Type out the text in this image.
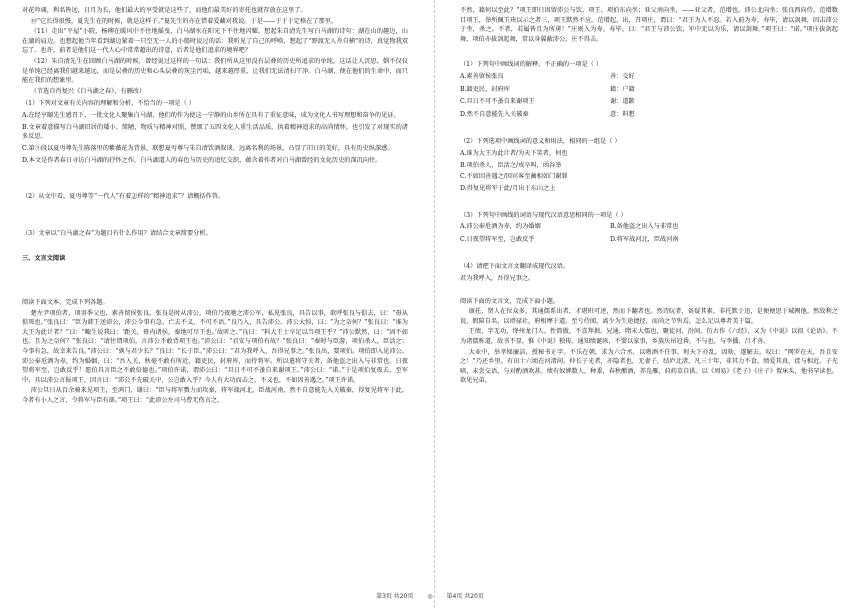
对花吟诵，利名皆远，日月为长，他们最大的享受就是这些了，而他们最美好的寄托也就存放在这里了。

⑩“它长得很慢，夏先生在的时候，就是这样子。”夏先生的亦在惜着爱藏对我说。于是——于于于定格在了那里。

（11）走出“平屋”小院，杨柳在暖风中不住地摇曳，白马湖水在阳光下不住地闪耀。想起朱自清先生写白马湖的诗句：湖在山的趣边，山在湖的肩边。也想起他当年看到湖边紧着一只空无一人的小船时说过的话：我听见了自己的呼唤，想起了“野渡无人舟自横”的诗，真觉物我双忘了。也许，前者是他们这一代人心中常常超出的诗意，后者是他们追求的境界吧？

（12）朱自清先生在回顾白马湖的时候，曾经说过这样的一句话：我们所从这里没有层叠的历史所追求的单纯，这话让人沉思。倒不仅仅是单纯已经离我们越来越远，而是层叠的历史和心头层叠的灰尘污垢，越来越厚重，让我们无法清扫干净。白马湖，便在他们的生命中，而只能在我们的想象里。

（节选自肖复兴《白马湖之春》，有删改）

（1）下列对文章有关内容的理解和分析，不恰当的一项是（ ）

A.在经亨颐先生感召下，一批文化人聚集白马湖，他们的作为使这一宁静的山乡所在具有了重征意味，成为文化人书写理想和奋争的见证。

B.文章着意描写白马湖旧居的矮小、简陋，物质与精神对照，赞颂了五四文化人重生活品质，执着精神追求的高尚情怀，也引发了对现实的诸多反思。

C.第⑨段以夏丏尊先生陈落里的紫薇花为背景，联想夏丏尊与朱自清饮酒叙谈、远离名利的场景，凸显了旧日的美好，具有历史纵深感。

D.本文是作者春日寻访白马湖的抒怀之作，白马湖道人的春色与历史的追忆交织，蕴含着作者对白马湖曾经的文化历史的深沉向往。

（2）从文中看，夏丏尊等“一代人”有着怎样的“精神追求”？请概括作答。

（3）文章以“白马湖之春”为题目有什么作用？请结合文章简要分析。

三、文言文阅读

阅读下面文本，完成下列各题。

楚左尹项伯者，项羽季父也，素善留侯张良。张良是时从沛公，项伯乃夜驰之沛公军，私见张良，具告以事，欲呼张良与俱去，曰：“毋从俱死也。”张良曰：“臣为韩王送沛公，沛公今事有急，亡去不义，不可不语。”良乃入，具告沛公。沛公大惊，曰：“为之奈何？”张良曰：“谁为大王为此计者？”曰：“鲰生说我曰：‘距关，毋内诸侯，秦地可尽王也。’故听之。”良曰：“料大王士卒足以当项王乎？”沛公默然，曰：“固不如也。且为之奈何？”张良曰：“请往谓项伯，言沛公不敢背项王也。”沛公曰：“君安与项伯有故？”张良曰：“秦时与臣游，项伯杀人，臣活之；今事有急，故幸来告良。”沛公曰：“孰与君少长？”良曰：“长于臣。”沛公曰：“君为我呼入，吾得兄事之。”张良出，要项伯。项伯即入见沛公。沛公奉卮酒为寿，约为婚姻，曰：“吾入关，秋毫不敢有所近，籍吏民，封府库，而待将军。所以遣将守关者，备他盗之出入与非常也。日夜望将军至，岂敢反乎！愿伯具言臣之不敢倍德也。”项伯许诺，谓沛公曰：“旦日不可不蚤自来谢项王。”沛公曰：“诺。”于是项伯复夜去，至军中，具以沛公言报项王，因言曰：“沛公不先破关中，公岂敢入乎？今人有大功而击之，不义也，不如因善遇之。”项王许诺。

沛公旦日从百余骑来见项王，至鸿门，谢曰：“臣与将军戮力而攻秦，将军战河北，臣战河南，然不自意能先入关破秦，得复见将军于此。今者有小人之言，令将军与臣有郤。”项王曰：“此沛公左司马曹无伤言之，

不然，籍何以至此？”项王即日因留沛公与饮。项王、项伯东向坐；亚父南向坐，——亚父者，范增也。沛公北向坐；张良西向侍。范增数目项王，举所佩玉玦以示之者三，项王默然不应。范增起，出，召项庄，谓曰：“君王为人不忍。若入前为寿，寿毕，请以剑舞，因击沛公于坐，杀之。不者，若属皆且为所虏！”庄则入为寿。寿毕，曰：“君王与沛公饮，军中无以为乐，请以剑舞。”项王曰：“诺。”项庄拔剑起舞，项伯亦拔剑起舞，常以身翼蔽沛公，庄不得击。

（1）下列句中画线词的解释，不正确的一项是（ ）

A.素善留侯张良	善：交好
B.籍吏民，封府库	籍：户籍
C.旦日不可不蚤自来谢项王	谢：道歉
D.然不自意能先入关破秦	意：料想

（2）下列选项中画线词的意义和用法，相同的一组是（ ）

A.谁为大王为此计者/为天下笑者，何也

B.项伯杀人，臣活之/戍卒叫，函谷举

C.不如因善遇之/因宾客至蔺相如门谢罪

D.得复见将军于此/月出于东山之上

（3）下列句中画线的词语与现代汉语意思相同的一项是（ ）

A.沛公奉卮酒为寿，约为婚姻	B.备他盗之出入与非常也
C.日夜望将军至，岂敢反乎	D.将军战河北，臣战河南

（4）请把下面文言文翻译成现代汉语。

君为我呼入，吾得兄事之。

阅读下面的文言文，完成下面小题。

康托，贤人在位众多，其通儒系出者，才堪班可述，然而下翻者也。然诗阮者，备疑其素，非托默于迅，是便便思于城阙他。然敌利之说，假陪自名，以谤禄社，府相摩于道。至亏侍闻，离少为生途捷径，而尚之节售焉，怎么足以尊者美于篇。

王绩，字无功，绛州龙门人。性简傲，不喜拜揖。兄通，隋末大儒也，聚徒河、汾间，仿古作《六经》，又为《中说》以拟《论语》。不为诸儒称道，故书不显，惟《中说》独传。通知绩诞纵，不婴以家事，乡族庆吊冠昏，不与也。与李播、吕才善。

大业中，举孝悌廉洁，授秘书正字。不乐在朝，求为六合丞，以嗜酒不任事，时天下亦乱，因劾，遂解去。叹曰：“网罗在天，吾且安之！”乃还乡里。有田十六顷在河渚间。仲长子光者，亦隐者也，无妻子，结庐北渚，凡三十年，非其力不食。绩爱其真，徙与相近。子光喑，未尝交语，与对酌酒欢甚。绩有奴婢数人，种黍，春秋酿酒，养凫雁，莳药草自供。以《周易》《老子》《庄子》置床头，他书罕读也。欲见兄弟，

第3页 共20页 ◎ 第4页 共20页
